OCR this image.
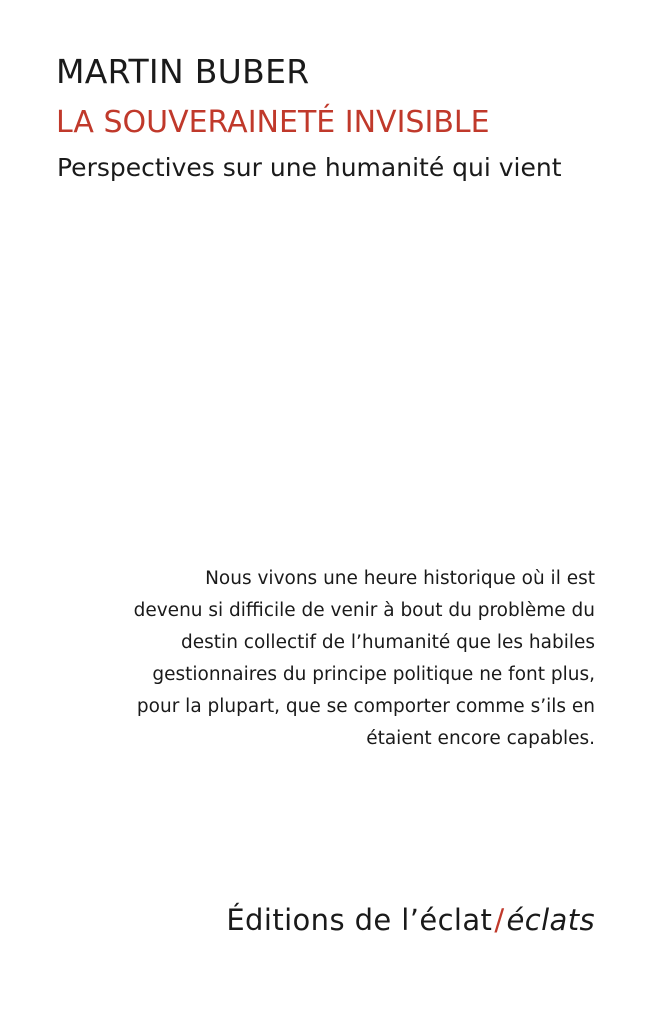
MARTIN BUBER
LA SOUVERAINETÉ INVISIBLE
Perspectives sur une humanité qui vient
Nous vivons une heure historique où il est
devenu si difficile de venir à bout du problème du
destin collectif de l’humanité que les habiles
gestionnaires du principe politique ne font plus,
pour la plupart, que se comporter comme s’ils en
étaient encore capables.
Éditions de l’éclat/éclats
